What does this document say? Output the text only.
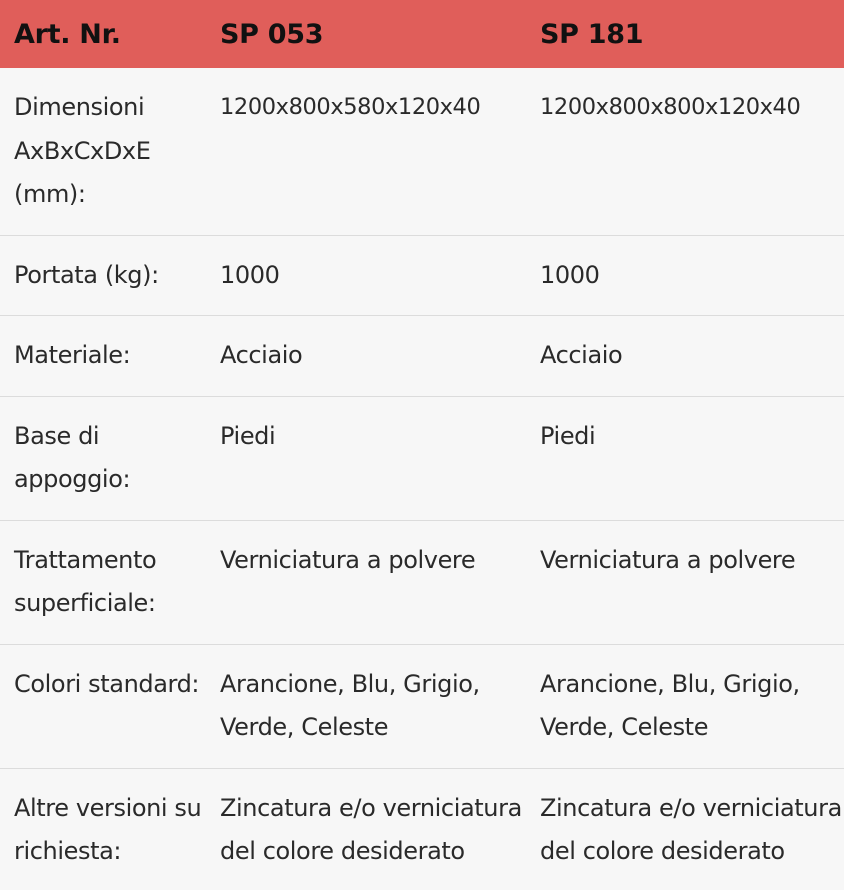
Art. Nr.	SP 053	SP 181
Dimensioni AxBxCxDxE (mm):	1200x800x580x120x40	1200x800x800x120x40
Portata (kg):	1000	1000
Materiale:	Acciaio	Acciaio
Base di appoggio:	Piedi	Piedi
Trattamento superficiale:	Verniciatura a polvere	Verniciatura a polvere
Colori standard:	Arancione, Blu, Grigio, Verde, Celeste	Arancione, Blu, Grigio, Verde, Celeste
Altre versioni su richiesta:	Zincatura e/o verniciatura del colore desiderato	Zincatura e/o verniciatura del colore desiderato
